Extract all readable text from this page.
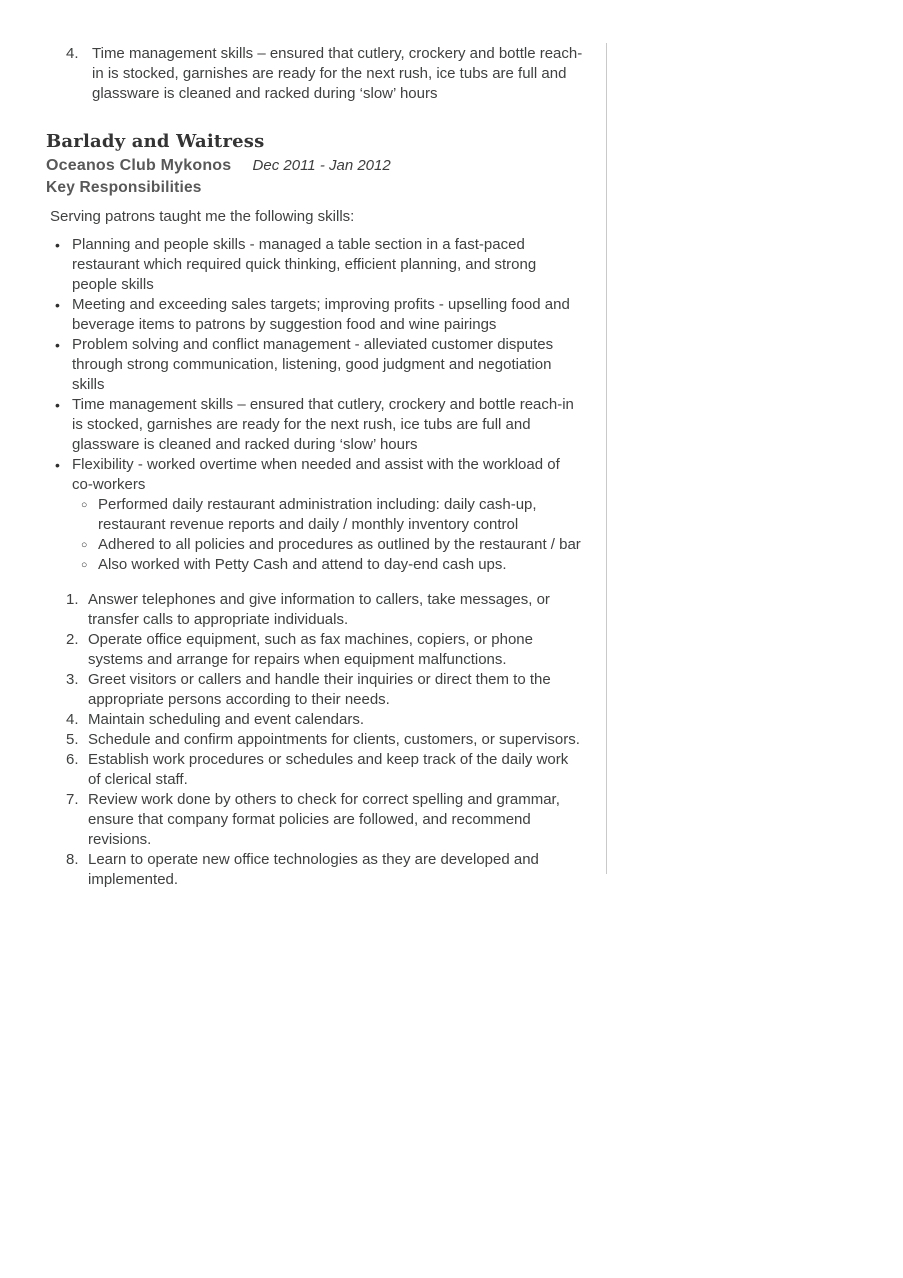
4. Time management skills – ensured that cutlery, crockery and bottle reach-in is stocked, garnishes are ready for the next rush, ice tubs are full and glassware is cleaned and racked during ‘slow’ hours
Barlady and Waitress
Oceanos Club Mykonos Dec 2011 - Jan 2012
Key Responsibilities

Serving patrons taught me the following skills:

• Planning and people skills - managed a table section in a fast-paced restaurant which required quick thinking, efficient planning, and strong people skills
• Meeting and exceeding sales targets; improving profits - upselling food and beverage items to patrons by suggestion food and wine pairings
• Problem solving and conflict management - alleviated customer disputes through strong communication, listening, good judgment and negotiation skills
• Time management skills – ensured that cutlery, crockery and bottle reach-in is stocked, garnishes are ready for the next rush, ice tubs are full and glassware is cleaned and racked during ‘slow’ hours
• Flexibility - worked overtime when needed and assist with the workload of co-workers
○ Performed daily restaurant administration including: daily cash-up, restaurant revenue reports and daily / monthly inventory control
○ Adhered to all policies and procedures as outlined by the restaurant / bar
○ Also worked with Petty Cash and attend to day-end cash ups.
1. Answer telephones and give information to callers, take messages, or transfer calls to appropriate individuals.
2. Operate office equipment, such as fax machines, copiers, or phone systems and arrange for repairs when equipment malfunctions.
3. Greet visitors or callers and handle their inquiries or direct them to the appropriate persons according to their needs.
4. Maintain scheduling and event calendars.
5. Schedule and confirm appointments for clients, customers, or supervisors.
6. Establish work procedures or schedules and keep track of the daily work of clerical staff.
7. Review work done by others to check for correct spelling and grammar, ensure that company format policies are followed, and recommend revisions.
8. Learn to operate new office technologies as they are developed and implemented.
